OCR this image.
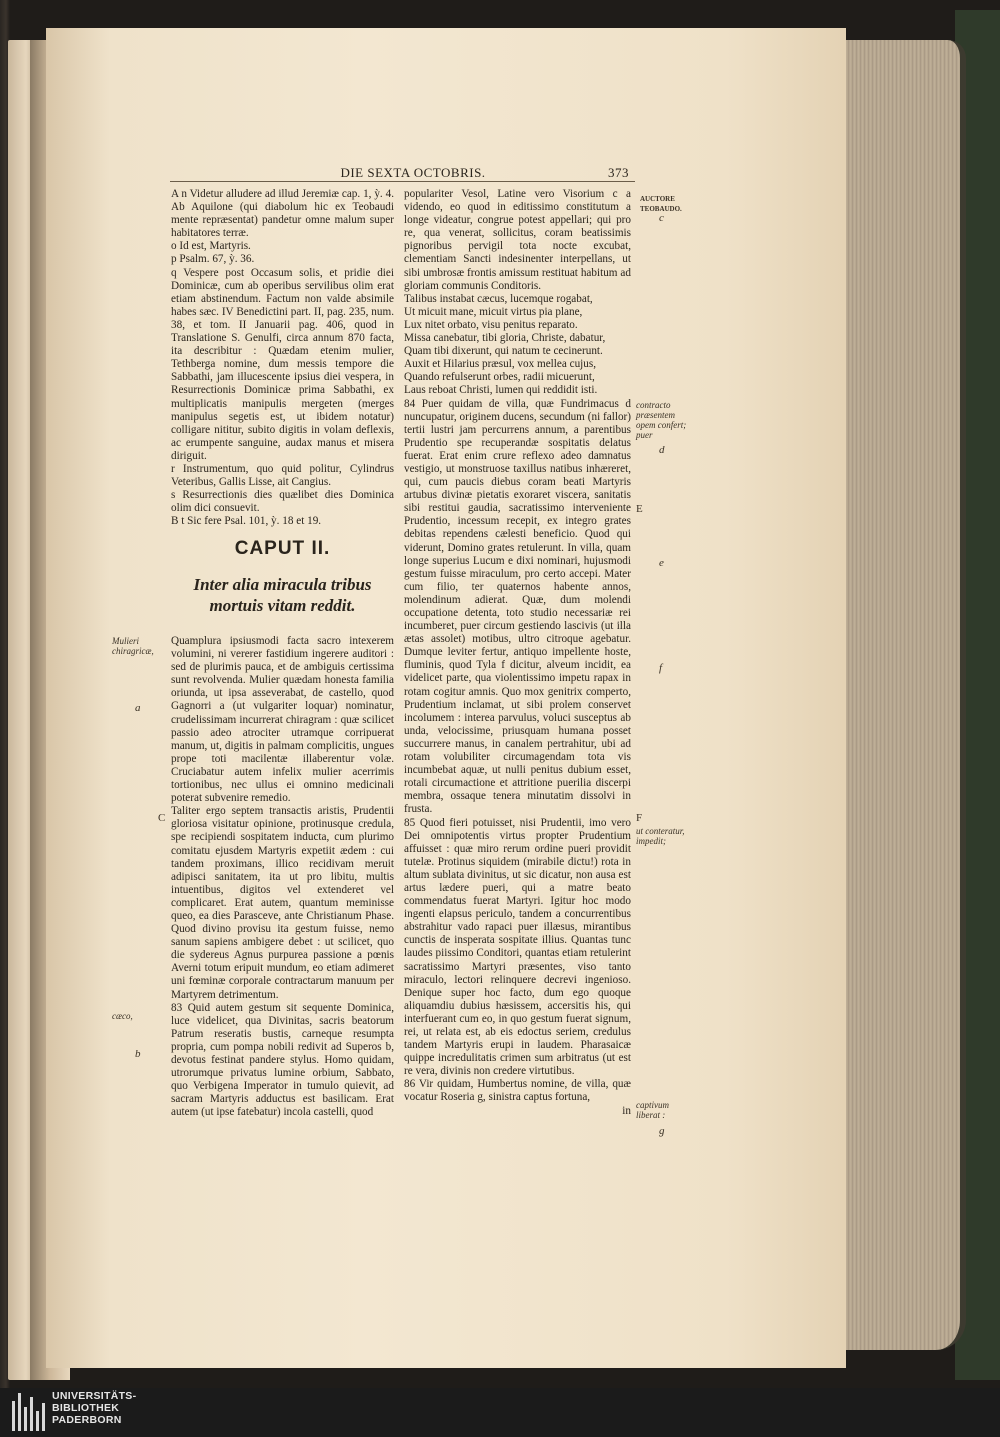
DIE SEXTA OCTOBRIS.	373

A n Videtur alludere ad illud Jeremiæ cap. 1, ỳ. 4. Ab Aquilone (qui diabolum hic ex Teobaudi mente repræsentat) pandetur omne malum super habitatores terræ.

o Id est, Martyris.

p Psalm. 67, ỳ. 36.

q Vespere post Occasum solis, et pridie diei Dominicæ, cum ab operibus servilibus olim erat etiam abstinendum. Factum non valde absimile habes sæc. IV Benedictini part. II, pag. 235, num. 38, et tom. II Januarii pag. 406, quod in Translatione S. Genulfi, circa annum 870 facta, ita describitur : Quædam etenim mulier, Tethberga nomine, dum messis tempore die Sabbathi, jam illucescente ipsius diei vespera, in Resurrectionis Dominicæ prima Sabbathi, ex multiplicatis manipulis mergeten (merges manipulus segetis est, ut ibidem notatur) colligare nititur, subito digitis in volam deflexis, ac erumpente sanguine, audax manus et misera diriguit.

r Instrumentum, quo quid politur, Cylindrus Veteribus, Gallis Lisse, ait Cangius.

s Resurrectionis dies quælibet dies Dominica olim dici consuevit.

B t Sic fere Psal. 101, ỳ. 18 et 19.

CAPUT II.
Inter alia miracula tribus mortuis vitam reddit.

Quamplura ipsiusmodi facta sacro intexerem volumini, ni vererer fastidium ingerere auditori : sed de plurimis pauca, et de ambiguis certissima sunt revolvenda. Mulier quædam honesta familia oriunda, ut ipsa asseverabat, de castello, quod Gagnorri a (ut vulgariter loquar) nominatur, crudelissimam incurrerat chiragram : quæ scilicet passio adeo atrociter utramque corripuerat manum, ut, digitis in palmam complicitis, ungues prope toti macilentæ illaberentur volæ. Cruciabatur autem infelix mulier acerrimis tortionibus, nec ullus ei omnino medicinali poterat subvenire remedio.

Taliter ergo septem transactis aristis, Prudentii gloriosa visitatur opinione, protinusque credula, spe recipiendi sospitatem inducta, cum plurimo comitatu ejusdem Martyris expetiit ædem : cui tandem proximans, illico recidivam meruit adipisci sanitatem, ita ut pro libitu, multis intuentibus, digitos vel extenderet vel complicaret. Erat autem, quantum meminisse queo, ea dies Parasceve, ante Christianum Phase. Quod divino provisu ita gestum fuisse, nemo sanum sapiens ambigere debet : ut scilicet, quo die sydereus Agnus purpurea passione a pœnis Averni totum eripuit mundum, eo etiam adimeret uni fœminæ corporale contractarum manuum per Martyrem detrimentum.

83 Quid autem gestum sit sequente Dominica, luce videlicet, qua Divinitas, sacris beatorum Patrum reseratis bustis, carneque resumpta propria, cum pompa nobili redivit ad Superos b, devotus festinat pandere stylus. Homo quidam, utrorumque privatus lumine orbium, Sabbato, quo Verbigena Imperator in tumulo quievit, ad sacram Martyris adductus est basilicam. Erat autem (ut ipse fatebatur) incola castelli, quod

populariter Vesol, Latine vero Visorium c a videndo, eo quod in editissimo constitutum a longe videatur, congrue potest appellari; qui pro re, qua venerat, sollicitus, coram beatissimis pignoribus pervigil tota nocte excubat, clementiam Sancti indesinenter interpellans, ut sibi umbrosæ frontis amissum restituat habitum ad gloriam communis Conditoris.

Talibus instabat cæcus, lucemque rogabat,

Ut micuit mane, micuit virtus pia plane,

Lux nitet orbato, visu penitus reparato.

Missa canebatur, tibi gloria, Christe, dabatur,

Quam tibi dixerunt, qui natum te cecinerunt.

Auxit et Hilarius præsul, vox mellea cujus,

Quando refulserunt orbes, radii micuerunt,

Laus reboat Christi, lumen qui reddidit isti.

84 Puer quidam de villa, quæ Fundrimacus d nuncupatur, originem ducens, secundum (ni fallor) tertii lustri jam percurrens annum, a parentibus Prudentio spe recuperandæ sospitatis delatus fuerat. Erat enim crure reflexo adeo damnatus vestigio, ut monstruose taxillus natibus inhæreret, qui, cum paucis diebus coram beati Martyris artubus divinæ pietatis exoraret viscera, sanitatis sibi restitui gaudia, sacratissimo interveniente Prudentio, incessum recepit, ex integro grates debitas rependens cælesti beneficio. Quod qui viderunt, Domino grates retulerunt. In villa, quam longe superius Lucum e dixi nominari, hujusmodi gestum fuisse miraculum, pro certo accepi. Mater cum filio, ter quaternos habente annos, molendinum adierat. Quæ, dum molendi occupatione detenta, toto studio necessariæ rei incumberet, puer circum gestiendo lascivis (ut illa ætas assolet) motibus, ultro citroque agebatur. Dumque leviter fertur, antiquo impellente hoste, fluminis, quod Tyla f dicitur, alveum incidit, ea videlicet parte, qua violentissimo impetu rapax in rotam cogitur amnis. Quo mox genitrix comperto, Prudentium inclamat, ut sibi prolem conservet incolumem : interea parvulus, voluci susceptus ab unda, velocissime, priusquam humana posset succurrere manus, in canalem pertrahitur, ubi ad rotam volubiliter circumagendam tota vis incumbebat aquæ, ut nulli penitus dubium esset, rotali circumactione et attritione puerilia discerpi membra, ossaque tenera minutatim dissolvi in frusta.

85 Quod fieri potuisset, nisi Prudentii, imo vero Dei omnipotentis virtus propter Prudentium affuisset : quæ miro rerum ordine pueri providit tutelæ. Protinus siquidem (mirabile dictu!) rota in altum sublata divinitus, ut sic dicatur, non ausa est artus lædere pueri, qui a matre beato commendatus fuerat Martyri. Igitur hoc modo ingenti elapsus periculo, tandem a concurrentibus abstrahitur vado rapaci puer illæsus, mirantibus cunctis de insperata sospitate illius. Quantas tunc laudes piissimo Conditori, quantas etiam retulerint sacratissimo Martyri præsentes, viso tanto miraculo, lectori relinquere decrevi ingenioso. Denique super hoc facto, dum ego quoque aliquamdiu dubius hæsissem, accersitis his, qui interfuerant cum eo, in quo gestum fuerat signum, rei, ut relata est, ab eis edoctus seriem, credulus tandem Martyris erupi in laudem. Pharasaicæ quippe incredulitatis crimen sum arbitratus (ut est re vera, divinis non credere virtutibus.

86 Vir quidam, Humbertus nomine, de villa, quæ vocatur Roseria g, sinistra captus fortuna,

in

AUCTORE TEOBAUDO.
contracto præsentem opem confert; puer
ut conteratur, impedit;
captivum liberat :
Mulieri chiragricæ,
cæco,
a
b
C
E
F
c
d
e
f
g
UNIVERSITÄTS-
BIBLIOTHEK
PADERBORN
